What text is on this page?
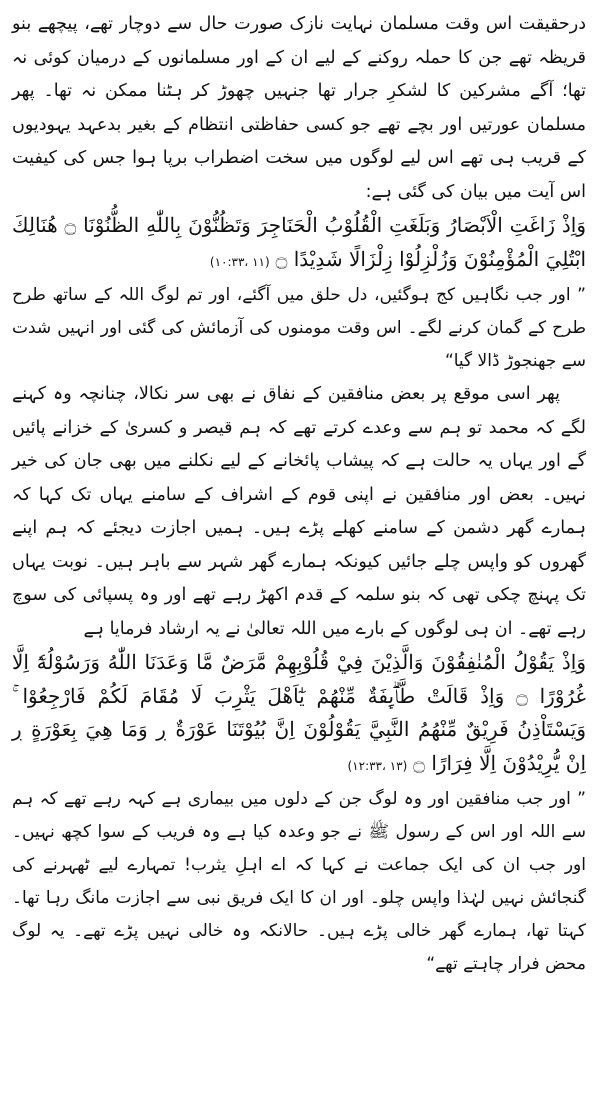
درحقیقت اس وقت مسلمان نہایت نازک صورت حال سے دوچار تھے، پیچھے بنو قریظہ تھے جن کا حملہ روکنے کے لیے ان کے اور مسلمانوں کے درمیان کوئی نہ تھا؛ آگے مشرکین کا لشکرِ جرار تھا جنہیں چھوڑ کر ہٹنا ممکن نہ تھا۔ پھر مسلمان عورتیں اور بچے تھے جو کسی حفاظتی انتظام کے بغیر بدعہد یہودیوں کے قریب ہی تھے اس لیے لوگوں میں سخت اضطراب برپا ہوا جس کی کیفیت اس آیت میں بیان کی گئی ہے:

وَاِذْ زَاغَتِ الْاَبْصَارُ وَبَلَغَتِ الْقُلُوْبُ الْحَنَاجِرَ وَتَظُنُّوْنَ بِاللّٰهِ الظُّنُوْنَا ۝ هُنَالِكَ ابْتُلِيَ الْمُؤْمِنُوْنَ وَزُلْزِلُوْا زِلْزَالًا شَدِيْدًا ۝(۱۰:۳۳، ۱۱)

” اور جب نگاہیں کج ہوگئیں، دل حلق میں آگئے، اور تم لوگ اللہ کے ساتھ طرح طرح کے گمان کرنے لگے۔ اس وقت مومنوں کی آزمائش کی گئی اور انہیں شدت سے جھنجوڑ ڈالا گیا“

پھر اسی موقع پر بعض منافقین کے نفاق نے بھی سر نکالا، چنانچہ وہ کہنے لگے کہ محمد تو ہم سے وعدے کرتے تھے کہ ہم قیصر و کسریٰ کے خزانے پائیں گے اور یہاں یہ حالت ہے کہ پیشاب پائخانے کے لیے نکلنے میں بھی جان کی خیر نہیں۔ بعض اور منافقین نے اپنی قوم کے اشراف کے سامنے یہاں تک کہا کہ ہمارے گھر دشمن کے سامنے کھلے پڑے ہیں۔ ہمیں اجازت دیجئے کہ ہم اپنے گھروں کو واپس چلے جائیں کیونکہ ہمارے گھر شہر سے باہر ہیں۔ نوبت یہاں تک پہنچ چکی تھی کہ بنو سلمہ کے قدم اکھڑ رہے تھے اور وہ پسپائی کی سوچ رہے تھے۔ ان ہی لوگوں کے بارے میں اللہ تعالیٰ نے یہ ارشاد فرمایا ہے

وَاِذْ يَقُوْلُ الْمُنٰفِقُوْنَ وَالَّذِيْنَ فِيْ قُلُوْبِهِمْ مَّرَضٌ مَّا وَعَدَنَا اللّٰهُ وَرَسُوْلُهٗٓ اِلَّا غُرُوْرًا ۝ وَاِذْ قَالَتْ طَّاۗىِٕفَةٌ مِّنْهُمْ يٰٓاَهْلَ يَثْرِبَ لَا مُقَامَ لَكُمْ فَارْجِعُوْا ۚ وَيَسْتَاْذِنُ فَرِيْقٌ مِّنْهُمُ النَّبِيَّ يَقُوْلُوْنَ اِنَّ بُيُوْتَنَا عَوْرَةٌ ڔ وَمَا هِيَ بِعَوْرَةٍ ڔ اِنْ يُّرِيْدُوْنَ اِلَّا فِرَارًا ۝(۱۲:۳۳، ۱۳)

” اور جب منافقین اور وہ لوگ جن کے دلوں میں بیماری ہے کہہ رہے تھے کہ ہم سے اللہ اور اس کے رسول ﷺ نے جو وعدہ کیا ہے وہ فریب کے سوا کچھ نہیں۔ اور جب ان کی ایک جماعت نے کہا کہ اے اہلِ یثرب! تمہارے لیے ٹھہرنے کی گنجائش نہیں لہٰذا واپس چلو۔ اور ان کا ایک فریق نبی سے اجازت مانگ رہا تھا۔ کہتا تھا، ہمارے گھر خالی پڑے ہیں۔ حالانکہ وہ خالی نہیں پڑے تھے۔ یہ لوگ محض فرار چاہتے تھے“
